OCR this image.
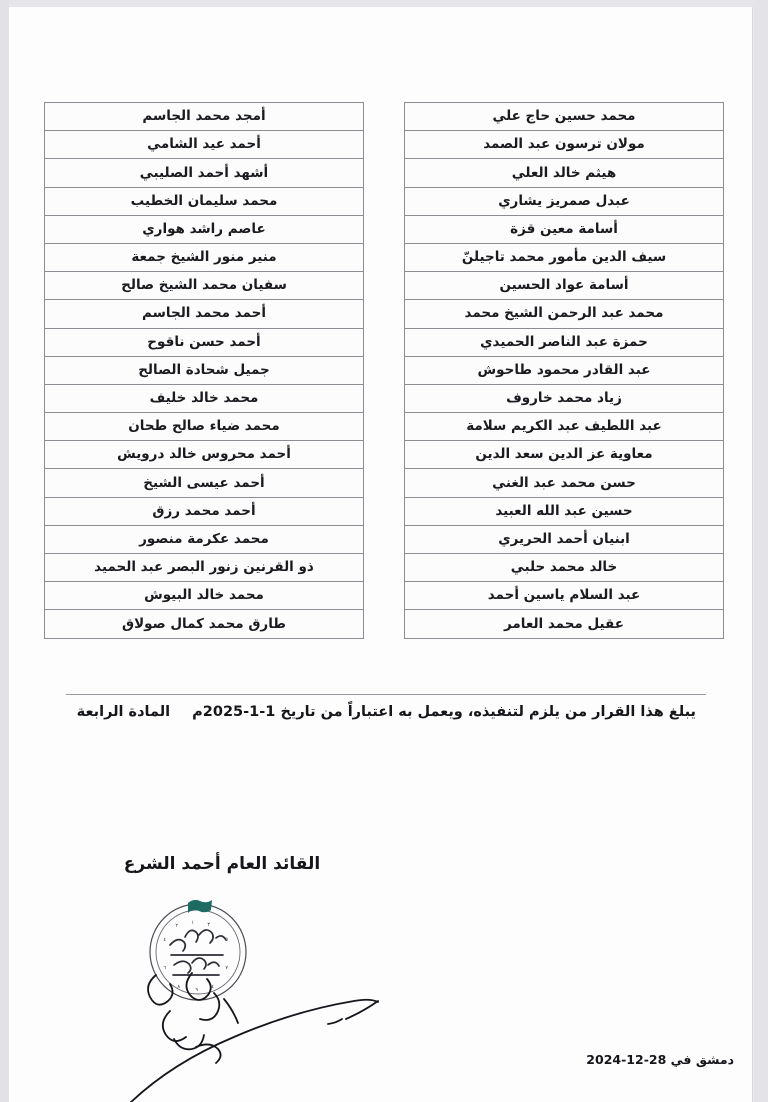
محمد حسين حاج علي
مولان ترسون عبد الصمد
هيثم خالد العلي
عبدل صمريز يشاري
أسامة معين قزة
سيف الدين مأمور محمد تاجيلنّ
أسامة عواد الحسين
محمد عبد الرحمن الشيخ محمد
حمزة عبد الناصر الحميدي
عبد القادر محمود طاحوش
زياد محمد خاروف
عبد اللطيف عبد الكريم سلامة
معاوية عز الدين سعد الدين
حسن محمد عبد الغني
حسين عبد الله العبيد
ابنيان أحمد الحريري
خالد محمد حلبي
عبد السلام ياسين أحمد
عقيل محمد العامر
أمجد محمد الجاسم
أحمد عيد الشامي
أشهد أحمد الصليبي
محمد سليمان الخطيب
عاصم راشد هواري
منير منور الشيخ جمعة
سفيان محمد الشيخ صالح
أحمد محمد الجاسم
أحمد حسن ناقوح
جميل شحادة الصالح
محمد خالد خليف
محمد ضياء صالح طحان
أحمد محروس خالد درويش
أحمد عيسى الشيخ
أحمد محمد رزق
محمد عكرمة منصور
ذو القرنين زنور البصر عبد الحميد
محمد خالد البيوش
طارق محمد كمال صولاق
يبلغ هذا القرار من يلزم لتنفيذه، ويعمل به اعتباراً من تاريخ 1-1-2025م
المادة الرابعة
القائد العام أحمد الشرع
٢	١	٣
٤	٥
٦	٧
٨	٩	٤
دمشق في 28-12-2024
